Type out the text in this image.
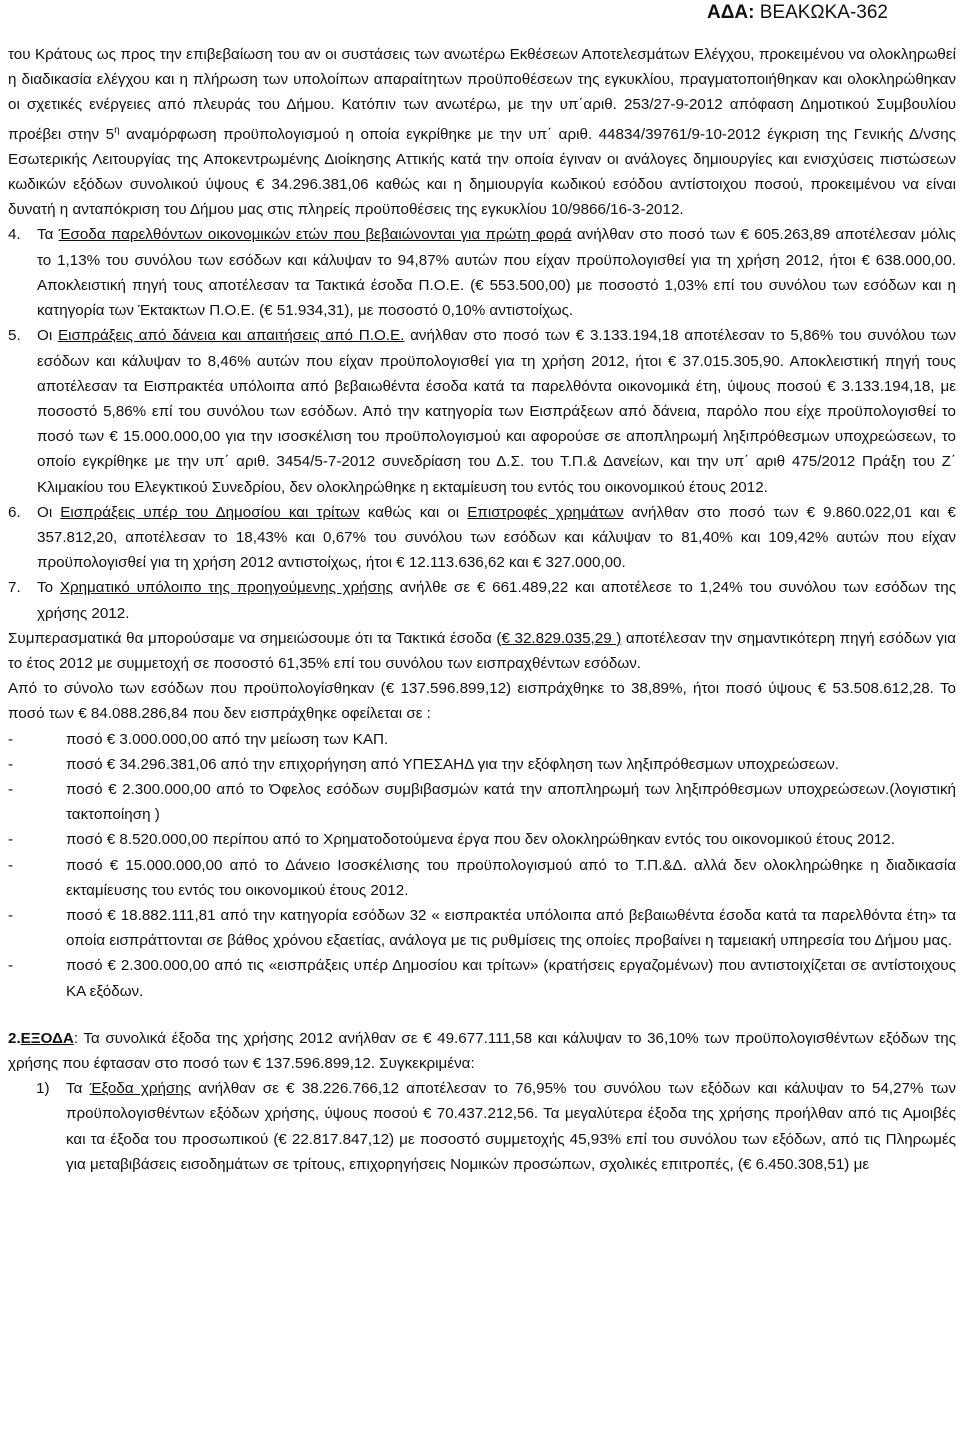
ΑΔΑ: ΒΕΑΚΩΚΑ-362

του Κράτους ως προς την επιβεβαίωση του αν οι συστάσεις των ανωτέρω Εκθέσεων Αποτελεσμάτων Ελέγχου, προκειμένου να ολοκληρωθεί η διαδικασία ελέγχου και η πλήρωση των υπολοίπων απαραίτητων προϋποθέσεων της εγκυκλίου, πραγματοποιήθηκαν και ολοκληρώθηκαν οι σχετικές ενέργειες από πλευράς του Δήμου. Κατόπιν των ανωτέρω, με την υπ΄αριθ. 253/27-9-2012 απόφαση Δημοτικού Συμβουλίου προέβει στην $5^\eta$ αναμόρφωση προϋπολογισμού η οποία εγκρίθηκε με την υπ΄ αριθ. 44834/39761/9-10-2012 έγκριση της Γενικής Δ/νσης Εσωτερικής Λειτουργίας της Αποκεντρωμένης Διοίκησης Αττικής κατά την οποία έγιναν οι ανάλογες δημιουργίες και ενισχύσεις πιστώσεων κωδικών εξόδων συνολικού ύψους € 34.296.381,06 καθώς και η δημιουργία κωδικού εσόδου αντίστοιχου ποσού, προκειμένου να είναι δυνατή η ανταπόκριση του Δήμου μας στις πληρείς προϋποθέσεις της εγκυκλίου 10/9866/16-3-2012.

4. Τα Έσοδα παρελθόντων οικονομικών ετών που βεβαιώνονται για πρώτη φορά ανήλθαν στο ποσό των € 605.263,89 αποτέλεσαν μόλις το 1,13% του συνόλου των εσόδων και κάλυψαν το 94,87% αυτών που είχαν προϋπολογισθεί για τη χρήση 2012, ήτοι € 638.000,00. Αποκλειστική πηγή τους αποτέλεσαν τα Τακτικά έσοδα Π.Ο.Ε. (€ 553.500,00) με ποσοστό 1,03% επί του συνόλου των εσόδων και η κατηγορία των Έκτακτων Π.Ο.Ε. (€ 51.934,31), με ποσοστό 0,10% αντιστοίχως.

5. Οι Εισπράξεις από δάνεια και απαιτήσεις από Π.Ο.Ε. ανήλθαν στο ποσό των € 3.133.194,18 αποτέλεσαν το 5,86% του συνόλου των εσόδων και κάλυψαν το 8,46% αυτών που είχαν προϋπολογισθεί για τη χρήση 2012, ήτοι € 37.015.305,90. Αποκλειστική πηγή τους αποτέλεσαν τα Εισπρακτέα υπόλοιπα από βεβαιωθέντα έσοδα κατά τα παρελθόντα οικονομικά έτη, ύψους ποσού € 3.133.194,18, με ποσοστό 5,86% επί του συνόλου των εσόδων. Από την κατηγορία των Εισπράξεων από δάνεια, παρόλο που είχε προϋπολογισθεί το ποσό των € 15.000.000,00 για την ισοσκέλιση του προϋπολογισμού και αφορούσε σε αποπληρωμή ληξιπρόθεσμων υποχρεώσεων, το οποίο εγκρίθηκε με την υπ΄ αριθ. 3454/5-7-2012 συνεδρίαση του Δ.Σ. του Τ.Π.& Δανείων, και την υπ΄ αριθ 475/2012 Πράξη του Ζ΄ Κλιμακίου του Ελεγκτικού Συνεδρίου, δεν ολοκληρώθηκε η εκταμίευση του εντός του οικονομικού έτους 2012.

6. Οι Εισπράξεις υπέρ του Δημοσίου και τρίτων καθώς και οι Επιστροφές χρημάτων ανήλθαν στο ποσό των € 9.860.022,01 και € 357.812,20, αποτέλεσαν το 18,43% και 0,67% του συνόλου των εσόδων και κάλυψαν το 81,40% και 109,42% αυτών που είχαν προϋπολογισθεί για τη χρήση 2012 αντιστοίχως, ήτοι € 12.113.636,62 και € 327.000,00.

7. Το Χρηματικό υπόλοιπο της προηγούμενης χρήσης ανήλθε σε € 661.489,22 και αποτέλεσε το 1,24% του συνόλου των εσόδων της χρήσης 2012.

Συμπερασματικά θα μπορούσαμε να σημειώσουμε ότι τα Τακτικά έσοδα (€ 32.829.035,29 ) αποτέλεσαν την σημαντικότερη πηγή εσόδων για το έτος 2012 με συμμετοχή σε ποσοστό 61,35% επί του συνόλου των εισπραχθέντων εσόδων.

Από το σύνολο των εσόδων που προϋπολογίσθηκαν (€ 137.596.899,12) εισπράχθηκε το 38,89%, ήτοι ποσό ύψους € 53.508.612,28. Το ποσό των € 84.088.286,84 που δεν εισπράχθηκε οφείλεται σε :

-	ποσό € 3.000.000,00 από την μείωση των ΚΑΠ.
-	ποσό € 34.296.381,06 από την επιχορήγηση από ΥΠΕΣΑΗΔ για την εξόφληση των ληξιπρόθεσμων υποχρεώσεων.
-	ποσό € 2.300.000,00 από το Όφελος εσόδων συμβιβασμών κατά την αποπληρωμή των ληξιπρόθεσμων υποχρεώσεων.(λογιστική τακτοποίηση )
-	ποσό € 8.520.000,00 περίπου από το Χρηματοδοτούμενα έργα που δεν ολοκληρώθηκαν εντός του οικονομικού έτους 2012.
-	ποσό € 15.000.000,00 από το Δάνειο Ισοσκέλισης του προϋπολογισμού από το Τ.Π.&Δ. αλλά δεν ολοκληρώθηκε η διαδικασία εκταμίευσης του εντός του οικονομικού έτους 2012.
-	ποσό € 18.882.111,81 από την κατηγορία εσόδων 32 « εισπρακτέα υπόλοιπα από βεβαιωθέντα έσοδα κατά τα παρελθόντα έτη» τα οποία εισπράττονται σε βάθος χρόνου εξαετίας, ανάλογα με τις ρυθμίσεις της οποίες προβαίνει η ταμειακή υπηρεσία του Δήμου μας.
-	ποσό € 2.300.000,00 από τις «εισπράξεις υπέρ Δημοσίου και τρίτων» (κρατήσεις εργαζομένων) που αντιστοιχίζεται σε αντίστοιχους ΚΑ εξόδων.

2.ΕΞΟΔΑ: Τα συνολικά έξοδα της χρήσης 2012 ανήλθαν σε € 49.677.111,58 και κάλυψαν το 36,10% των προϋπολογισθέντων εξόδων της χρήσης που έφτασαν στο ποσό των € 137.596.899,12. Συγκεκριμένα:

1) Τα Έξοδα χρήσης ανήλθαν σε € 38.226.766,12 αποτέλεσαν το 76,95% του συνόλου των εξόδων και κάλυψαν το 54,27% των προϋπολογισθέντων εξόδων χρήσης, ύψους ποσού € 70.437.212,56. Τα μεγαλύτερα έξοδα της χρήσης προήλθαν από τις Αμοιβές και τα έξοδα του προσωπικού (€ 22.817.847,12) με ποσοστό συμμετοχής 45,93% επί του συνόλου των εξόδων, από τις Πληρωμές για μεταβιβάσεις εισοδημάτων σε τρίτους, επιχορηγήσεις Νομικών προσώπων, σχολικές επιτροπές, (€ 6.450.308,51) με
